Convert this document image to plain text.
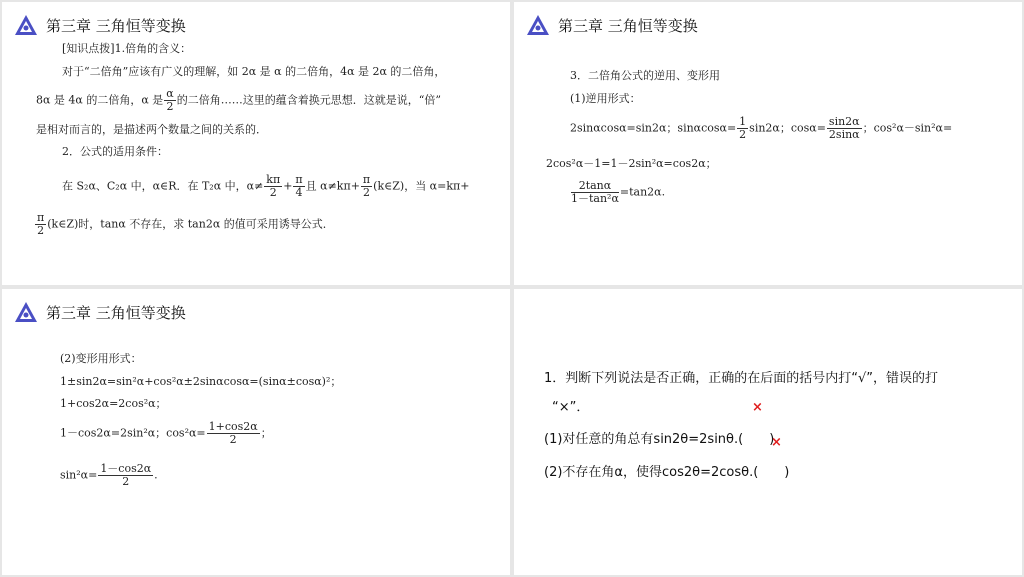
第三章 三角恒等变换
[知识点拨]1.倍角的含义：
对于“二倍角”应该有广义的理解，如 2α 是 α 的二倍角，4α 是 2α 的二倍角，
8α 是 4α 的二倍角，α 是 $\frac{\alpha}{2}$ 的二倍角……这里的蕴含着换元思想．这就是说，“倍”
是相对而言的，是描述两个数量之间的关系的．
2．公式的适用条件：
在 S₂α、C₂α 中，α∈R．在 T₂α 中，$\alpha\ne \frac{k\pi}{2} + \frac{\pi}{4}$ 且 $\alpha\ne k\pi+ \frac{\pi}{2}$ (k∈Z)，当 α=kπ+
$\frac{\pi}{2}$ (k∈Z)时，tanα 不存在，求 tan2α 的值可采用诱导公式．
第三章 三角恒等变换
3．二倍角公式的逆用、变形用
(1)逆用形式：
2sinαcosα=sin2α；$\sin\alpha\cos\alpha= \frac{1}{2} \sin 2\alpha$；$\cos\alpha= \frac{\sin 2\alpha}{2\sin\alpha}$ ；cos²α－sin²α=
2cos²α－1=1－2sin²α=cos2α；
$\frac{2\tan\alpha}{\text{1－tan²α}} =\tan 2\alpha$.
第三章 三角恒等变换
(2)变形用形式：
1±sin2α=sin²α+cos²α±2sinαcosα=(sinα±cosα)²；
1+cos2α=2cos²α；
1－cos2α=2sin²α；$\cos^2\alpha= \frac{1+\cos 2\alpha}{2}$ ；
$\sin^2\alpha= \frac{1-\cos 2\alpha}{2}$ .
1．判断下列说法是否正确，正确的在后面的括号内打“√”，错误的打
“×”．	×
(1)对任意的角总有sin2θ=2sinθ.(　　)
×
(2)不存在角α，使得cos2θ=2cosθ.(　　)
